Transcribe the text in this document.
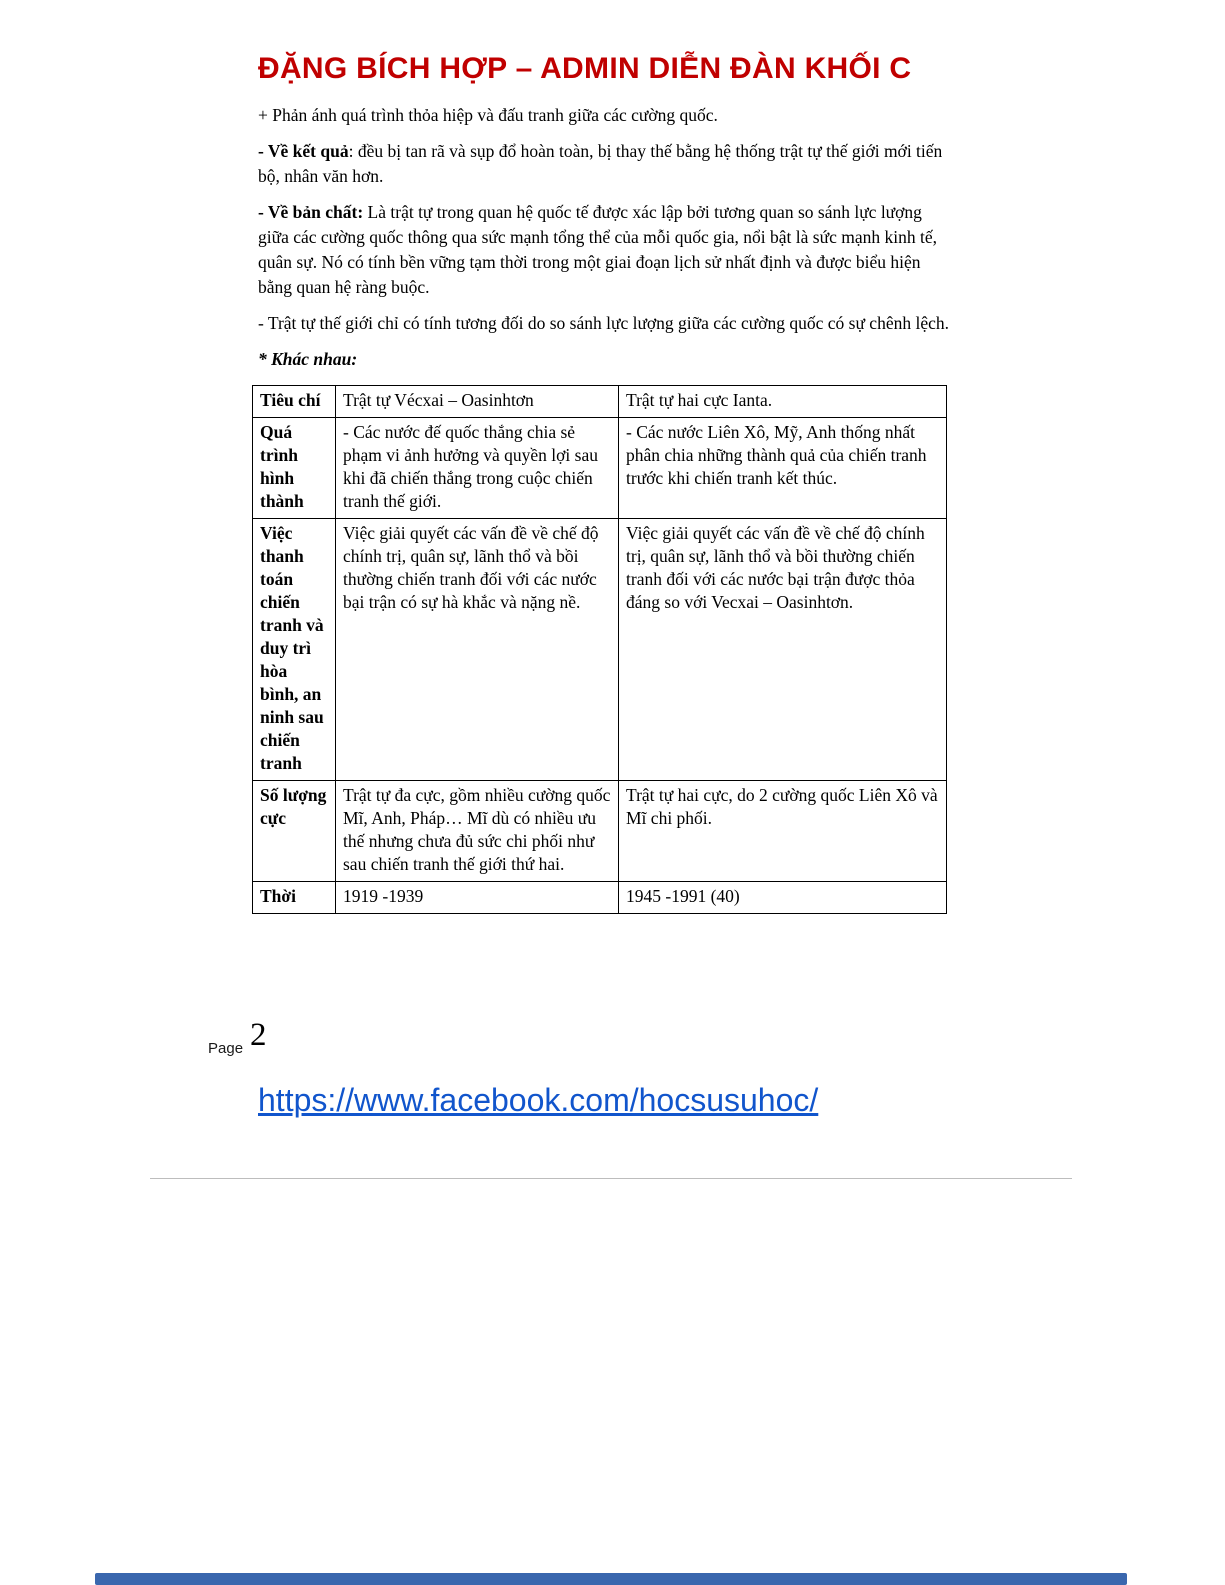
ĐẶNG BÍCH HỢP – ADMIN DIỄN ĐÀN KHỐI C

+ Phản ánh quá trình thỏa hiệp và đấu tranh giữa các cường quốc.

- Về kết quả: đều bị tan rã và sụp đổ hoàn toàn, bị thay thế bằng hệ thống trật tự thế giới mới tiến bộ, nhân văn hơn.

- Về bản chất: Là trật tự trong quan hệ quốc tế được xác lập bởi tương quan so sánh lực lượng giữa các cường quốc thông qua sức mạnh tổng thể của mỗi quốc gia, nổi bật là sức mạnh kinh tế, quân sự. Nó có tính bền vững tạm thời trong một giai đoạn lịch sử nhất định và được biểu hiện bằng quan hệ ràng buộc.

- Trật tự thế giới chỉ có tính tương đối do so sánh lực lượng giữa các cường quốc có sự chênh lệch.

* Khác nhau:

Tiêu chí	Trật tự Vécxai – Oasinhtơn	Trật tự hai cực Ianta.
Quá trình hình thành	- Các nước đế quốc thắng chia sẻ phạm vi ảnh hưởng và quyền lợi sau khi đã chiến thắng trong cuộc chiến tranh thế giới.	- Các nước Liên Xô, Mỹ, Anh thống nhất phân chia những thành quả của chiến tranh trước khi chiến tranh kết thúc.
Việc thanh toán chiến tranh và duy trì hòa bình, an ninh sau chiến tranh	Việc giải quyết các vấn đề về chế độ chính trị, quân sự, lãnh thổ và bồi thường chiến tranh đối với các nước bại trận có sự hà khắc và nặng nề.	Việc giải quyết các vấn đề về chế độ chính trị, quân sự, lãnh thổ và bồi thường chiến tranh đối với các nước bại trận được thỏa đáng so với Vecxai – Oasinhtơn.
Số lượng cực	Trật tự đa cực, gồm nhiều cường quốc Mĩ, Anh, Pháp… Mĩ dù có nhiều ưu thế nhưng chưa đủ sức chi phối như sau chiến tranh thế giới thứ hai.	Trật tự hai cực, do 2 cường quốc Liên Xô và Mĩ chi phối.
Thời	1919 -1939	1945 -1991 (40)
Page 2
https://www.facebook.com/hocsusuhoc/
